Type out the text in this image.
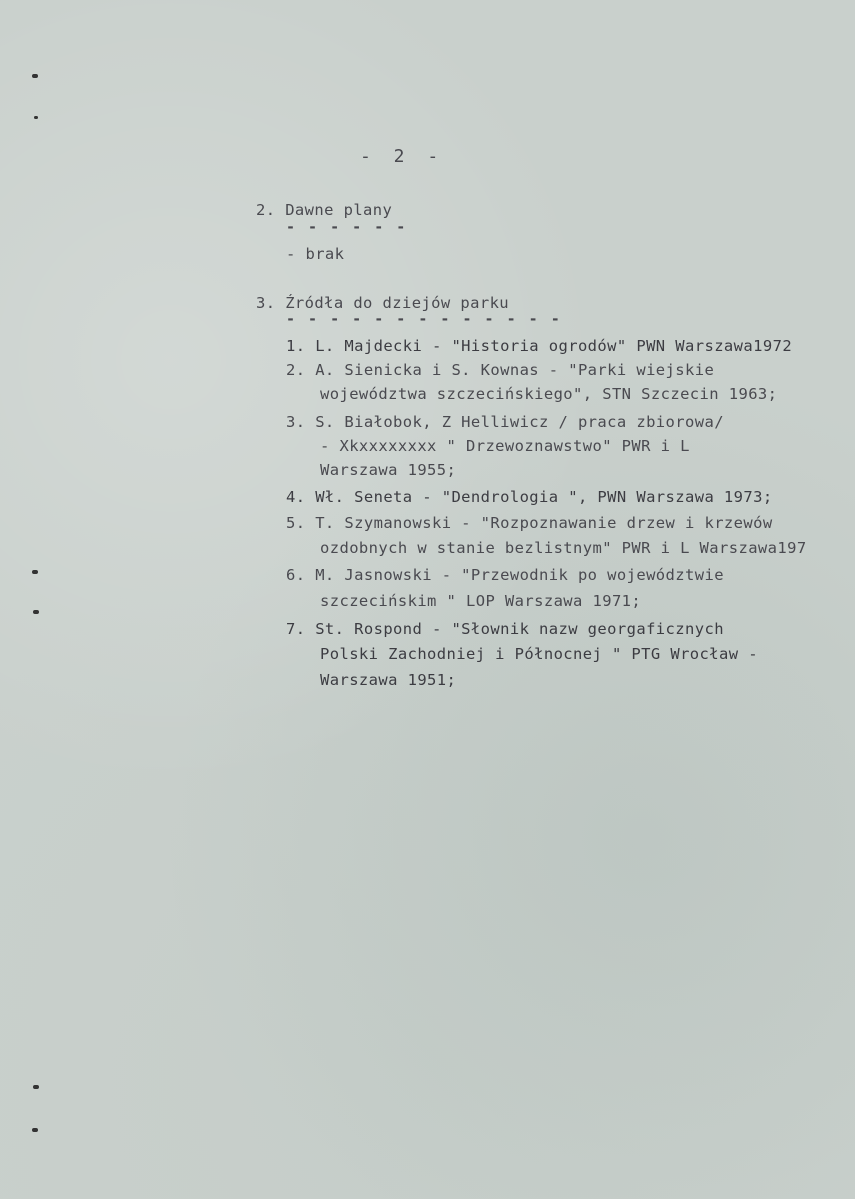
- 2 -
2. Dawne plany
- - - - - -
- brak
3. Źródła do dziejów parku
- - - - - - - - - - - - -
1. L. Majdecki - "Historia ogrodów" PWN Warszawa1972
2. A. Sienicka i S. Kownas - "Parki wiejskie
województwa szczecińskiego", STN Szczecin 1963;
3. S. Białobok, Z Helliwicz / praca zbiorowa/
- Xkxxxxxxxx " Drzewoznawstwo" PWR i L
Warszawa 1955;
4. Wł. Seneta - "Dendrologia ", PWN Warszawa 1973;
5. T. Szymanowski - "Rozpoznawanie drzew i krzewów
ozdobnych w stanie bezlistnym" PWR i L Warszawa197
6. M. Jasnowski - "Przewodnik po województwie
szczecińskim " LOP Warszawa 1971;
7. St. Rospond - "Słownik nazw georgaficznych
Polski Zachodniej i Północnej " PTG Wrocław -
Warszawa 1951;
